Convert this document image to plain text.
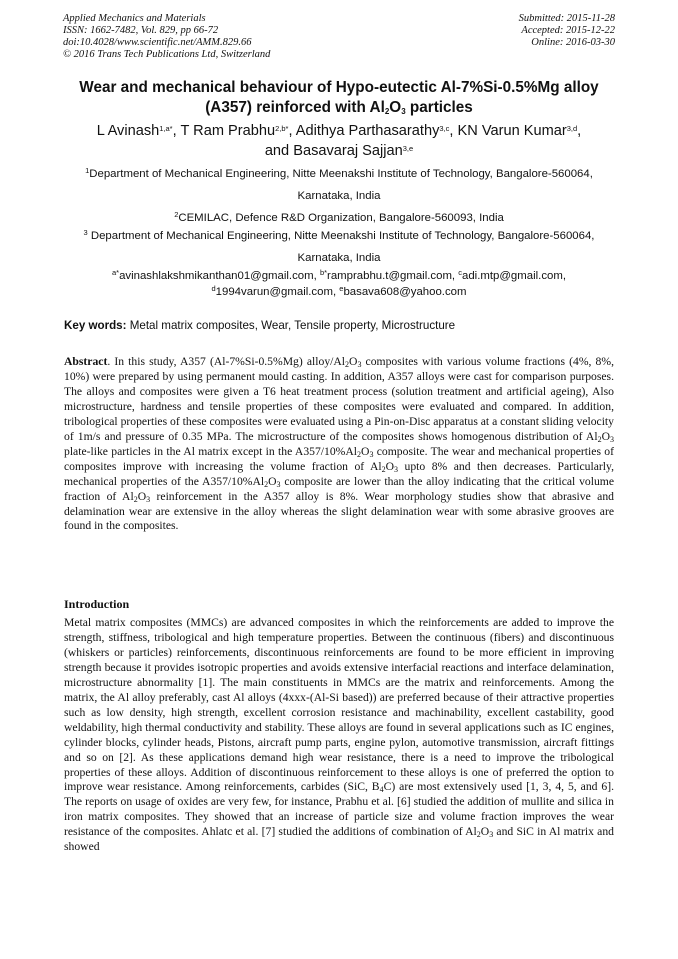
Applied Mechanics and Materials
ISSN: 1662-7482, Vol. 829, pp 66-72
doi:10.4028/www.scientific.net/AMM.829.66
© 2016 Trans Tech Publications Ltd, Switzerland
Submitted: 2015-11-28
Accepted: 2015-12-22
Online: 2016-03-30
Wear and mechanical behaviour of Hypo-eutectic Al-7%Si-0.5%Mg alloy
(A357) reinforced with $Al_2O_3$ particles
L Avinash$^{1,a*}$, T Ram Prabhu$^{2,b*}$, Adithya Parthasarathy$^{3,c}$, KN Varun Kumar$^{3,d}$,
and Basavaraj Sajjan$^{3,e}$
$^1$Department of Mechanical Engineering, Nitte Meenakshi Institute of Technology, Bangalore-560064, Karnataka, India
$^2$CEMILAC, Defence R&D Organization, Bangalore-560093, India
$^3$ Department of Mechanical Engineering, Nitte Meenakshi Institute of Technology, Bangalore-560064, Karnataka, India
$^{a*}$avinashlakshmikanthan01@gmail.com, $^{b*}$ramprabhu.t@gmail.com, $^c$adi.mtp@gmail.com,
$^d$1994varun@gmail.com, $^e$basava608@yahoo.com
Key words: Metal matrix composites, Wear, Tensile property, Microstructure
Abstract. In this study, A357 (Al-7%Si-0.5%Mg) alloy/$Al_2O_3$ composites with various volume fractions (4%, 8%, 10%) were prepared by using permanent mould casting. In addition, A357 alloys were cast for comparison purposes. The alloys and composites were given a T6 heat treatment process (solution treatment and artificial ageing), Also microstructure, hardness and tensile properties of these composites were evaluated and compared. In addition, tribological properties of these composites were evaluated using a Pin-on-Disc apparatus at a constant sliding velocity of 1m/s and pressure of 0.35 MPa. The microstructure of the composites shows homogenous distribution of $Al_2O_3$ plate-like particles in the Al matrix except in the $A357/10\%Al_2O_3$ composite. The wear and mechanical properties of composites improve with increasing the volume fraction of $Al_2O_3$ upto 8% and then decreases. Particularly, mechanical properties of the $A357/10\%Al_2O_3$ composite are lower than the alloy indicating that the critical volume fraction of $Al_2O_3$ reinforcement in the A357 alloy is 8%. Wear morphology studies show that abrasive and delamination wear are extensive in the alloy whereas the slight delamination wear with some abrasive grooves are found in the composites.
Introduction
Metal matrix composites (MMCs) are advanced composites in which the reinforcements are added to improve the strength, stiffness, tribological and high temperature properties. Between the continuous (fibers) and discontinuous (whiskers or particles) reinforcements, discontinuous reinforcements are found to be more efficient in improving strength because it provides isotropic properties and avoids extensive interfacial reactions and interface delamination, microstructure abnormality [1]. The main constituents in MMCs are the matrix and reinforcements. Among the matrix, the Al alloy preferably, cast Al alloys (4xxx-(Al-Si based)) are preferred because of their attractive properties such as low density, high strength, excellent corrosion resistance and machinability, excellent castability, good weldability, high thermal conductivity and stability. These alloys are found in several applications such as IC engines, cylinder blocks, cylinder heads, Pistons, aircraft pump parts, engine pylon, automotive transmission, aircraft fittings and so on [2]. As these applications demand high wear resistance, there is a need to improve the tribological properties of these alloys. Addition of discontinuous reinforcement to these alloys is one of preferred the option to improve wear resistance. Among reinforcements, carbides (SiC, $B_4C$) are most extensively used [1, 3, 4, 5, and 6]. The reports on usage of oxides are very few, for instance, Prabhu et al. [6] studied the addition of mullite and silica in iron matrix composites. They showed that an increase of particle size and volume fraction improves the wear resistance of the composites. Ahlatc et al. [7] studied the additions of combination of $Al_2O_3$ and SiC in Al matrix and showed
